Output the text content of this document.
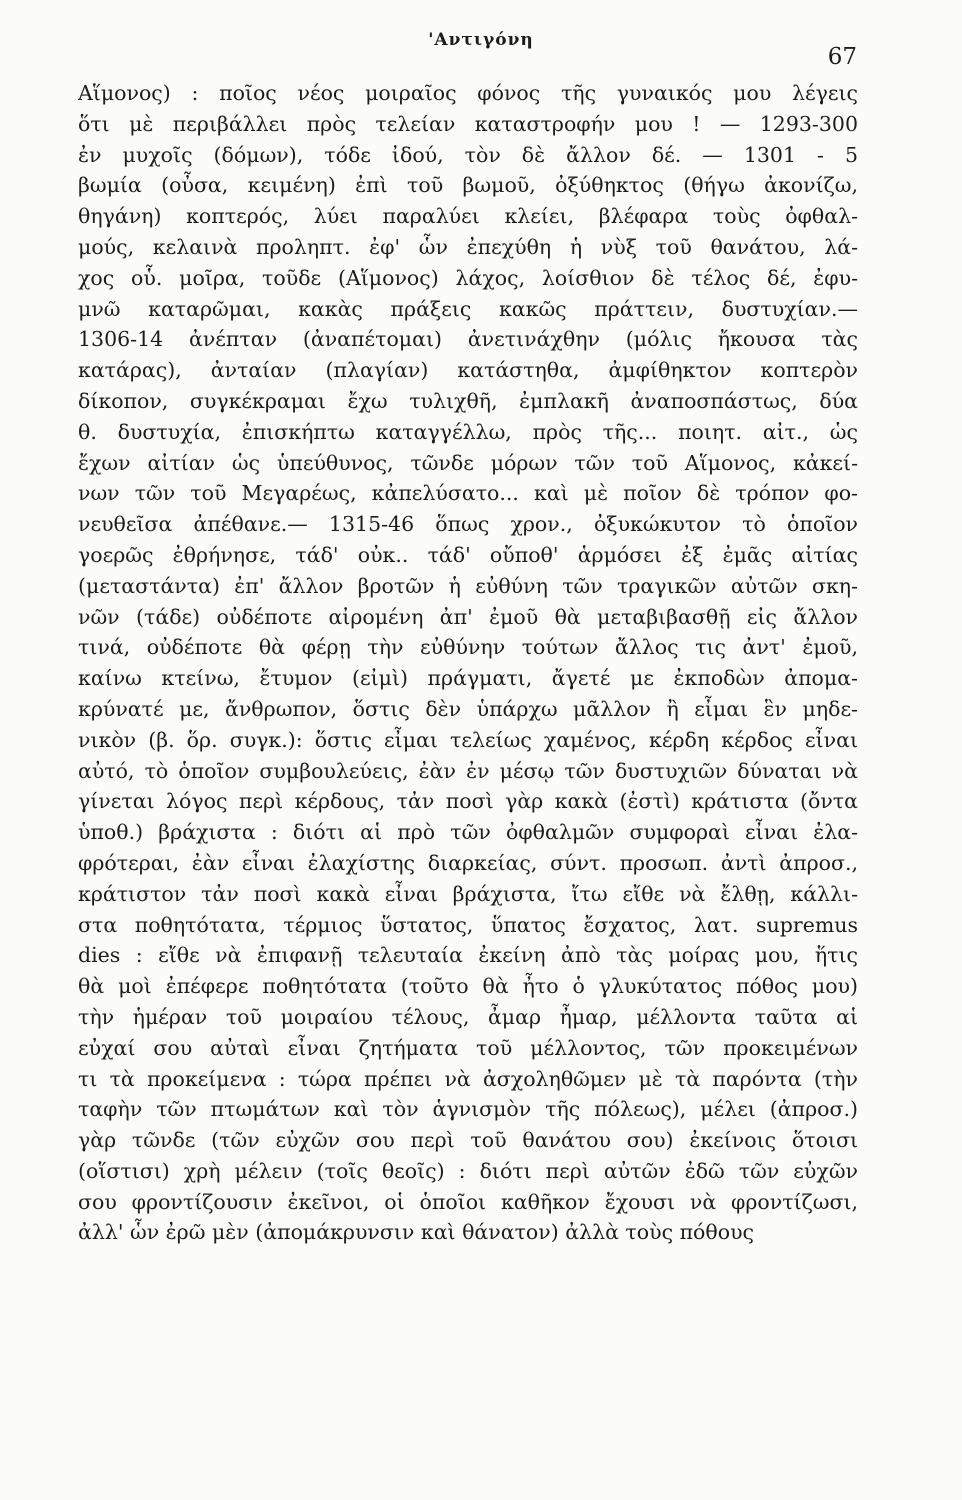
'Αντιγόνη
67
Αἵμονος) : ποῖος νέος μοιραῖος φόνος τῆς γυναικός μου λέγεις
ὅτι μὲ περιβάλλει πρὸς τελείαν καταστροφήν μου ! — 1293-300
ἐν μυχοῖς (δόμων), τόδε ἰδού, τὸν δὲ ἄλλον δέ. — 1301 - 5
βωμία (οὖσα, κειμένη) ἐπὶ τοῦ βωμοῦ, ὀξύθηκτος (θήγω ἀκονίζω,
θηγάνη) κοπτερός, λύει παραλύει κλείει, βλέφαρα τοὺς ὀφθαλ-
μούς, κελαινὰ προληπτ. ἐφ' ὧν ἐπεχύθη ἡ νὺξ τοῦ θανάτου, λά-
χος οὗ. μοῖρα, τοῦδε (Αἵμονος) λάχος, λοίσθιον δὲ τέλος δέ, ἐφυ-
μνῶ καταρῶμαι, κακὰς πράξεις κακῶς πράττειν, δυστυχίαν.—
1306-14 ἀνέπταν (ἀναπέτομαι) ἀνετινάχθην (μόλις ἤκουσα τὰς
κατάρας), ἀνταίαν (πλαγίαν) κατάστηθα, ἀμφίθηκτον κοπτερὸν
δίκοπον, συγκέκραμαι ἔχω τυλιχθῆ, ἐμπλακῆ ἀναποσπάστως, δύα
θ. δυστυχία, ἐπισκήπτω καταγγέλλω, πρὸς τῆς... ποιητ. αἰτ., ὡς
ἔχων αἰτίαν ὡς ὑπεύθυνος, τῶνδε μόρων τῶν τοῦ Αἵμονος, κἀκεί-
νων τῶν τοῦ Μεγαρέως, κἀπελύσατο... καὶ μὲ ποῖον δὲ τρόπον φο-
νευθεῖσα ἀπέθανε.— 1315-46 ὅπως χρον., ὀξυκώκυτον τὸ ὁποῖον
γοερῶς ἐθρήνησε, τάδ' οὐκ.. τάδ' οὔποθ' ἁρμόσει ἐξ ἐμᾶς αἰτίας
(μεταστάντα) ἐπ' ἄλλον βροτῶν ἡ εὐθύνη τῶν τραγικῶν αὐτῶν σκη-
νῶν (τάδε) οὐδέποτε αἰρομένη ἀπ' ἐμοῦ θὰ μεταβιβασθῇ εἰς ἄλλον
τινά, οὐδέποτε θὰ φέρῃ τὴν εὐθύνην τούτων ἄλλος τις ἀντ' ἐμοῦ,
καίνω κτείνω, ἔτυμον (εἰμὶ) πράγματι, ἄγετέ με ἐκποδὼν ἀπομα-
κρύνατέ με, ἄνθρωπον, ὅστις δὲν ὑπάρχω μᾶλλον ἢ εἶμαι ἓν μηδε-
νικὸν (β. ὅρ. συγκ.): ὅστις εἶμαι τελείως χαμένος, κέρδη κέρδος εἶναι
αὐτό, τὸ ὁποῖον συμβουλεύεις, ἐὰν ἐν μέσῳ τῶν δυστυχιῶν δύναται νὰ
γίνεται λόγος περὶ κέρδους, τἀν ποσὶ γὰρ κακὰ (ἐστὶ) κράτιστα (ὄντα
ὑποθ.) βράχιστα : διότι αἱ πρὸ τῶν ὀφθαλμῶν συμφοραὶ εἶναι ἐλα-
φρότεραι, ἐὰν εἶναι ἐλαχίστης διαρκείας, σύντ. προσωπ. ἀντὶ ἀπροσ.,
κράτιστον τἀν ποσὶ κακὰ εἶναι βράχιστα, ἴτω εἴθε νὰ ἔλθῃ, κάλλι-
στα ποθητότατα, τέρμιος ὕστατος, ὕπατος ἔσχατος, λατ. supremus
dies : εἴθε νὰ ἐπιφανῇ τελευταία ἐκείνη ἀπὸ τὰς μοίρας μου, ἥτις
θὰ μοὶ ἐπέφερε ποθητότατα (τοῦτο θὰ ἦτο ὁ γλυκύτατος πόθος μου)
τὴν ἡμέραν τοῦ μοιραίου τέλους, ἆμαρ ἦμαρ, μέλλοντα ταῦτα αἱ
εὐχαί σου αὐταὶ εἶναι ζητήματα τοῦ μέλλοντος, τῶν προκειμένων
τι τὰ προκείμενα : τώρα πρέπει νὰ ἀσχοληθῶμεν μὲ τὰ παρόντα (τὴν
ταφὴν τῶν πτωμάτων καὶ τὸν ἁγνισμὸν τῆς πόλεως), μέλει (ἀπροσ.)
γὰρ τῶνδε (τῶν εὐχῶν σου περὶ τοῦ θανάτου σου) ἐκείνοις ὅτοισι
(οἵστισι) χρὴ μέλειν (τοῖς θεοῖς) : διότι περὶ αὐτῶν ἐδῶ τῶν εὐχῶν
σου φροντίζουσιν ἐκεῖνοι, οἱ ὁποῖοι καθῆκον ἔχουσι νὰ φροντίζωσι,
ἀλλ' ὧν ἐρῶ μὲν (ἀπομάκρυνσιν καὶ θάνατον) ἀλλὰ τοὺς πόθους
